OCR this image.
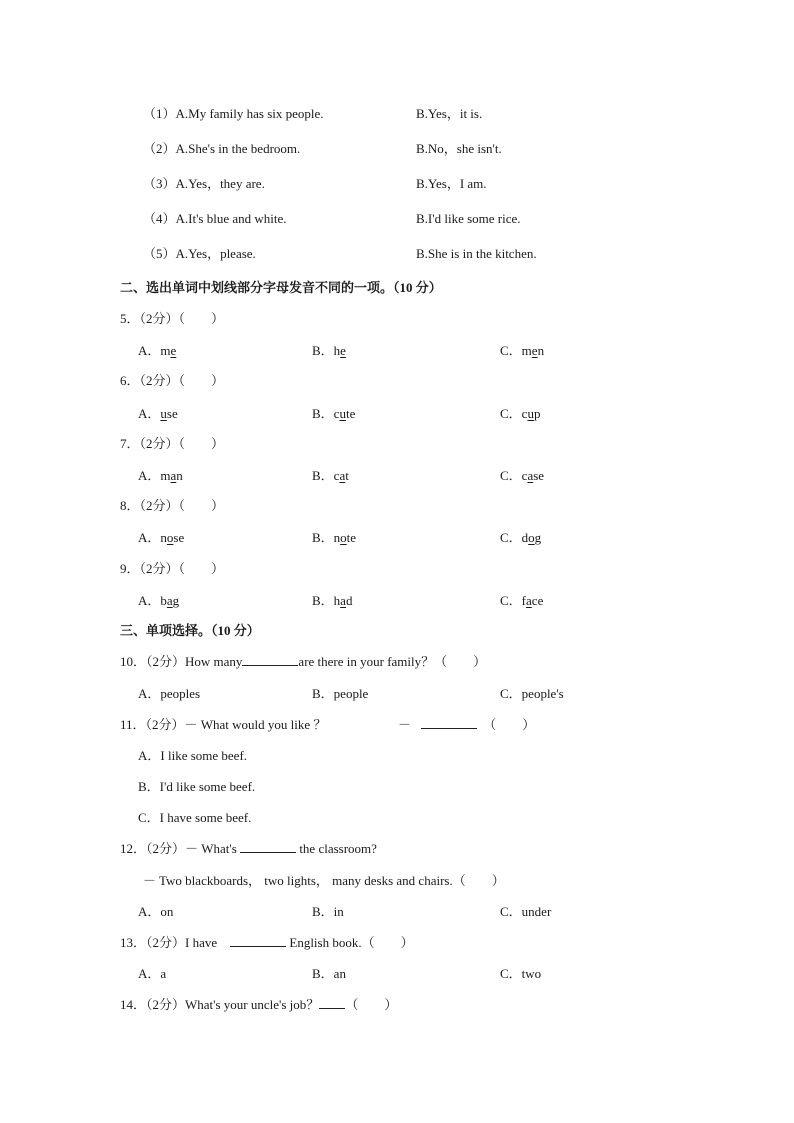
（1）A.My family has six people.	B.Yes，it is.
（2）A.She's in the bedroom.	B.No，she isn't.
（3）A.Yes，they are.	B.Yes，I am.
（4）A.It's blue and white.	B.I'd like some rice.
（5）A.Yes，please.	B.She is in the kitchen.
二、选出单词中划线部分字母发音不同的一项。（10 分）
5．（2分）（　　）
A．me	B．he	C．men
6．（2分）（　　）
A．use	B．cute	C．cup
7．（2分）（　　）
A．man	B．cat	C．case
8．（2分）（　　）
A．nose	B．note	C．dog
9．（2分）（　　）
A．bag	B．had	C．face
三、单项选择。（10 分）
10．（2分）How many	are there in your family？（　　）
A．peoples	B．people	C．people's
11．（2分）－ What would you like ？	－	（　　）
A．I like some beef.
B．I'd like some beef.
C．I have some beef.
12．（2分）－ What's	the classroom?
－ Two blackboards， two lights， many desks and chairs.（　　）
A．on	B．in	C．under
13．（2分）I have	English book.（　　）
A．a	B．an	C．two
14．（2分）What's your uncle's job？ （　　）
